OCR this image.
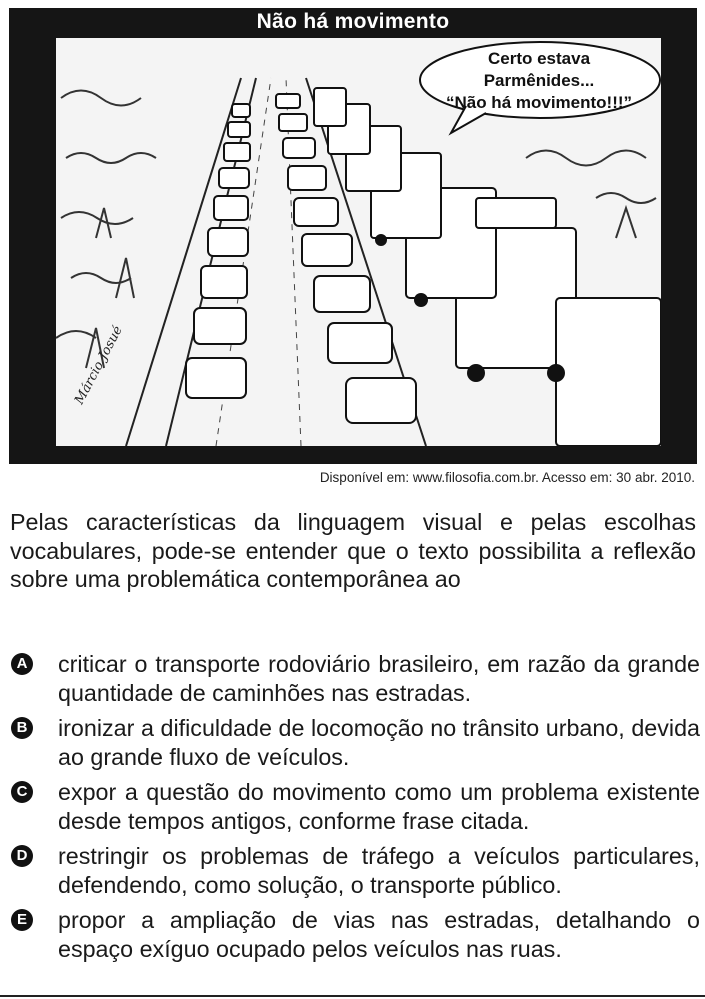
Não há movimento
Certo estava Parmênides...
“Não há movimento!!!”
Márcio Josué
Disponível em: www.filosofia.com.br. Acesso em: 30 abr. 2010.
Pelas características da linguagem visual e pelas escolhas vocabulares, pode-se entender que o texto possibilita a reflexão sobre uma problemática contemporânea ao
A criticar o transporte rodoviário brasileiro, em razão da grande quantidade de caminhões nas estradas.
B ironizar a dificuldade de locomoção no trânsito urbano, devida ao grande fluxo de veículos.
C expor a questão do movimento como um problema existente desde tempos antigos, conforme frase citada.
D restringir os problemas de tráfego a veículos particulares, defendendo, como solução, o transporte público.
E propor a ampliação de vias nas estradas, detalhando o espaço exíguo ocupado pelos veículos nas ruas.
